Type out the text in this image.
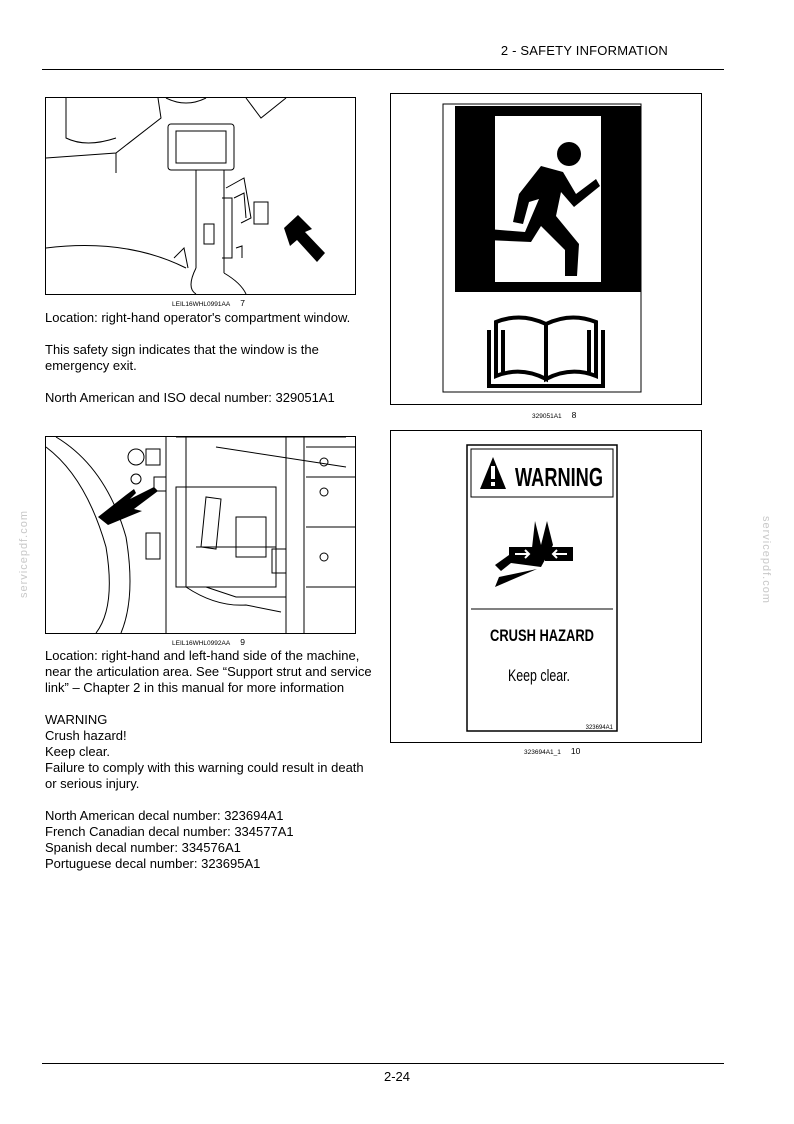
2 - SAFETY INFORMATION
servicepdf.com	servicepdf.com
LEIL16WHL0991AA 7

Location: right-hand operator's compartment window.

This safety sign indicates that the window is the emergency exit.

North American and ISO decal number: 329051A1

329051A1 8
LEIL16WHL0992AA 9

Location: right-hand and left-hand side of the machine, near the articulation area. See “Support strut and service link” – Chapter 2 in this manual for more information

WARNING
Crush hazard!
Keep clear.
Failure to comply with this warning could result in death or serious injury.
North American decal number: 323694A1
French Canadian decal number: 334577A1
Spanish decal number: 334576A1
Portuguese decal number: 323695A1
WARNING
CRUSH HAZARD
Keep clear.
323694A1
323694A1_1 10
2-24
